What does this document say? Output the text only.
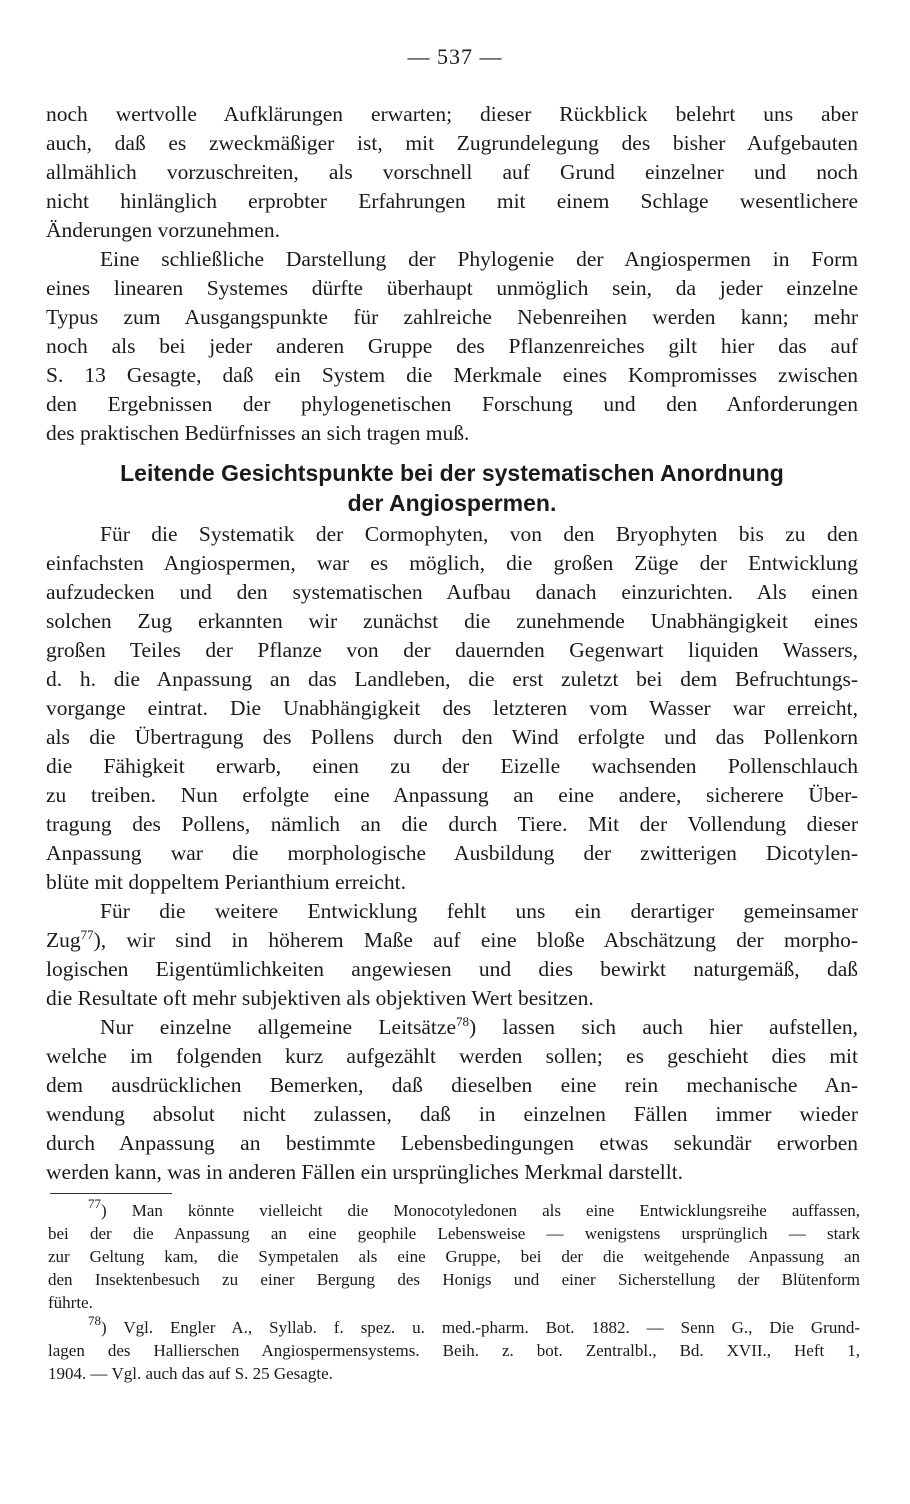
— 537 —
noch wertvolle Aufklärungen erwarten; dieser Rückblick belehrt uns aber
auch, daß es zweckmäßiger ist, mit Zugrundelegung des bisher Aufgebauten
allmählich vorzuschreiten, als vorschnell auf Grund einzelner und noch
nicht hinlänglich erprobter Erfahrungen mit einem Schlage wesentlichere
Änderungen vorzunehmen.
Eine schließliche Darstellung der Phylogenie der Angiospermen in Form
eines linearen Systemes dürfte überhaupt unmöglich sein, da jeder einzelne
Typus zum Ausgangspunkte für zahlreiche Nebenreihen werden kann; mehr
noch als bei jeder anderen Gruppe des Pflanzenreiches gilt hier das auf
S. 13 Gesagte, daß ein System die Merkmale eines Kompromisses zwischen
den Ergebnissen der phylogenetischen Forschung und den Anforderungen
des praktischen Bedürfnisses an sich tragen muß.
Leitende Gesichtspunkte bei der systematischen Anordnung
der Angiospermen.
Für die Systematik der Cormophyten, von den Bryophyten bis zu den
einfachsten Angiospermen, war es möglich, die großen Züge der Entwicklung
aufzudecken und den systematischen Aufbau danach einzurichten. Als einen
solchen Zug erkannten wir zunächst die zunehmende Unabhängigkeit eines
großen Teiles der Pflanze von der dauernden Gegenwart liquiden Wassers,
d. h. die Anpassung an das Landleben, die erst zuletzt bei dem Befruchtungs-
vorgange eintrat. Die Unabhängigkeit des letzteren vom Wasser war erreicht,
als die Übertragung des Pollens durch den Wind erfolgte und das Pollenkorn
die Fähigkeit erwarb, einen zu der Eizelle wachsenden Pollenschlauch
zu treiben. Nun erfolgte eine Anpassung an eine andere, sicherere Über-
tragung des Pollens, nämlich an die durch Tiere. Mit der Vollendung dieser
Anpassung war die morphologische Ausbildung der zwitterigen Dicotylen-
blüte mit doppeltem Perianthium erreicht.
Für die weitere Entwicklung fehlt uns ein derartiger gemeinsamer
Zug$^{77}$), wir sind in höherem Maße auf eine bloße Abschätzung der morpho-
logischen Eigentümlichkeiten angewiesen und dies bewirkt naturgemäß, daß
die Resultate oft mehr subjektiven als objektiven Wert besitzen.
Nur einzelne allgemeine Leitsätze$^{78}$) lassen sich auch hier aufstellen,
welche im folgenden kurz aufgezählt werden sollen; es geschieht dies mit
dem ausdrücklichen Bemerken, daß dieselben eine rein mechanische An-
wendung absolut nicht zulassen, daß in einzelnen Fällen immer wieder
durch Anpassung an bestimmte Lebensbedingungen etwas sekundär erworben
werden kann, was in anderen Fällen ein ursprüngliches Merkmal darstellt.
$^{77}$) Man könnte vielleicht die Monocotyledonen als eine Entwicklungsreihe auffassen,
bei der die Anpassung an eine geophile Lebensweise — wenigstens ursprünglich — stark
zur Geltung kam, die Sympetalen als eine Gruppe, bei der die weitgehende Anpassung an
den Insektenbesuch zu einer Bergung des Honigs und einer Sicherstellung der Blütenform
führte.
$^{78}$) Vgl. Engler A., Syllab. f. spez. u. med.-pharm. Bot. 1882. — Senn G., Die Grund-
lagen des Hallierschen Angiospermensystems. Beih. z. bot. Zentralbl., Bd. XVII., Heft 1,
1904. — Vgl. auch das auf S. 25 Gesagte.
